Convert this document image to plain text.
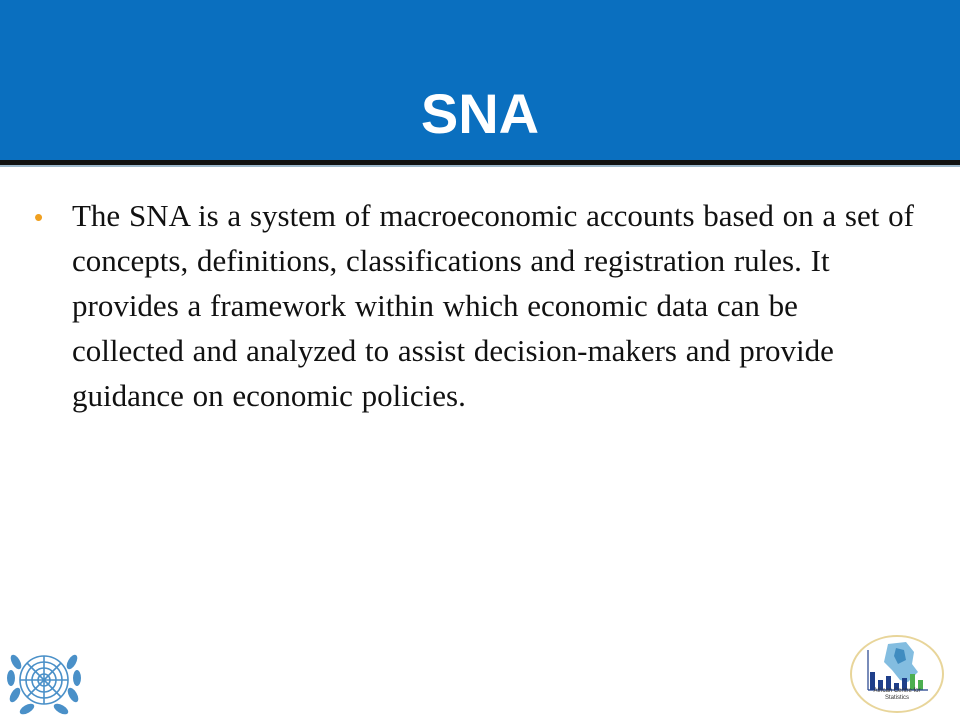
SNA
• The SNA is a system of macroeconomic accounts based on a set of concepts, definitions, classifications and registration rules. It provides a framework within which economic data can be collected and analyzed to assist decision-makers and provide guidance on economic policies.
African Centre for
Statistics
